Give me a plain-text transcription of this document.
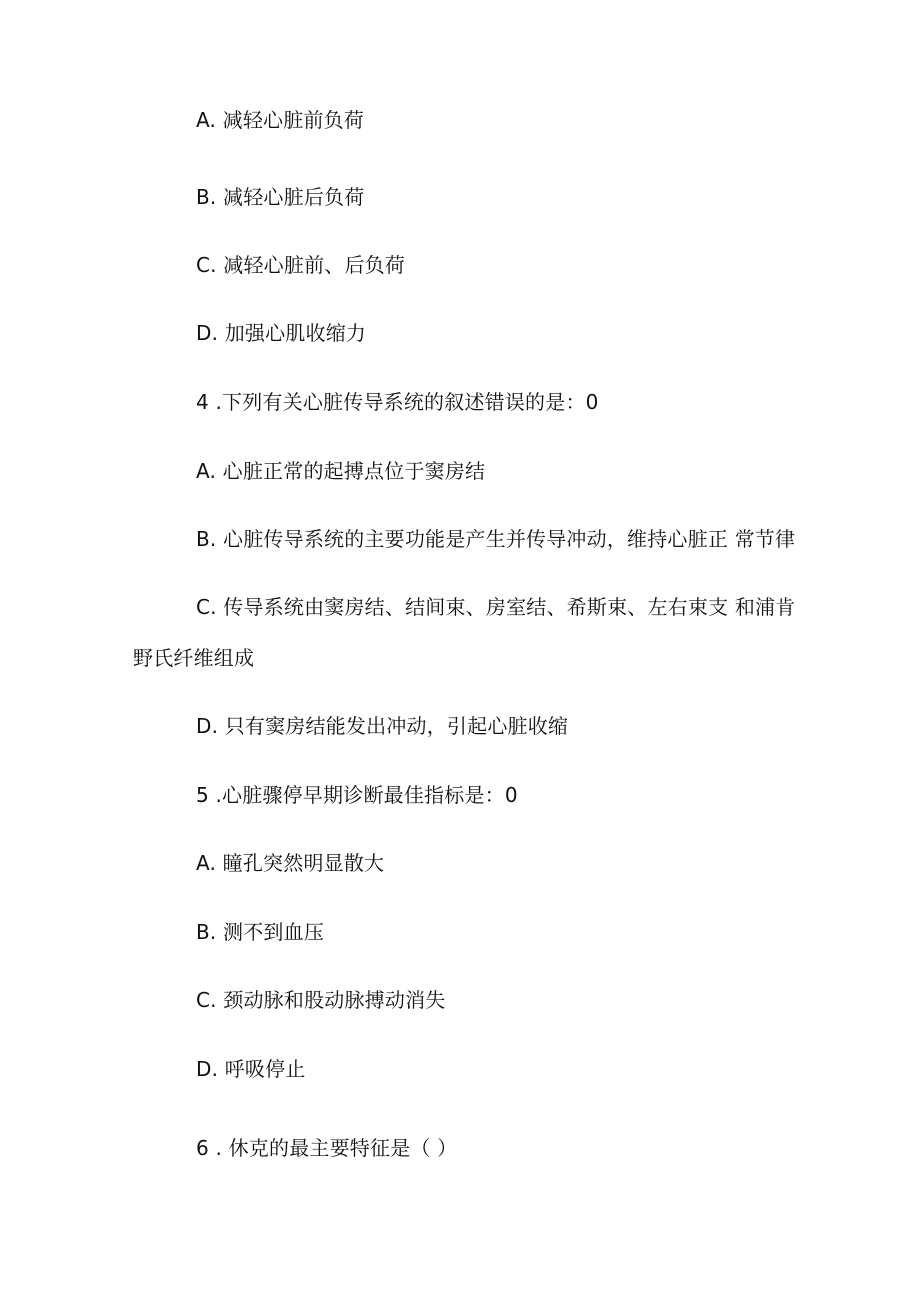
A. 减轻心脏前负荷
B. 减轻心脏后负荷
C. 减轻心脏前、后负荷
D. 加强心肌收缩力
4 .下列有关心脏传导系统的叙述错误的是：0
A. 心脏正常的起搏点位于窦房结
B. 心脏传导系统的主要功能是产生并传导冲动，维持心脏正 常节律
C. 传导系统由窦房结、结间束、房室结、希斯束、左右束支 和浦肯
野氏纤维组成
D. 只有窦房结能发出冲动，引起心脏收缩
5 .心脏骤停早期诊断最佳指标是：0
A. 瞳孔突然明显散大
B. 测不到血压
C. 颈动脉和股动脉搏动消失
D. 呼吸停止
6 . 休克的最主要特征是（ ）
